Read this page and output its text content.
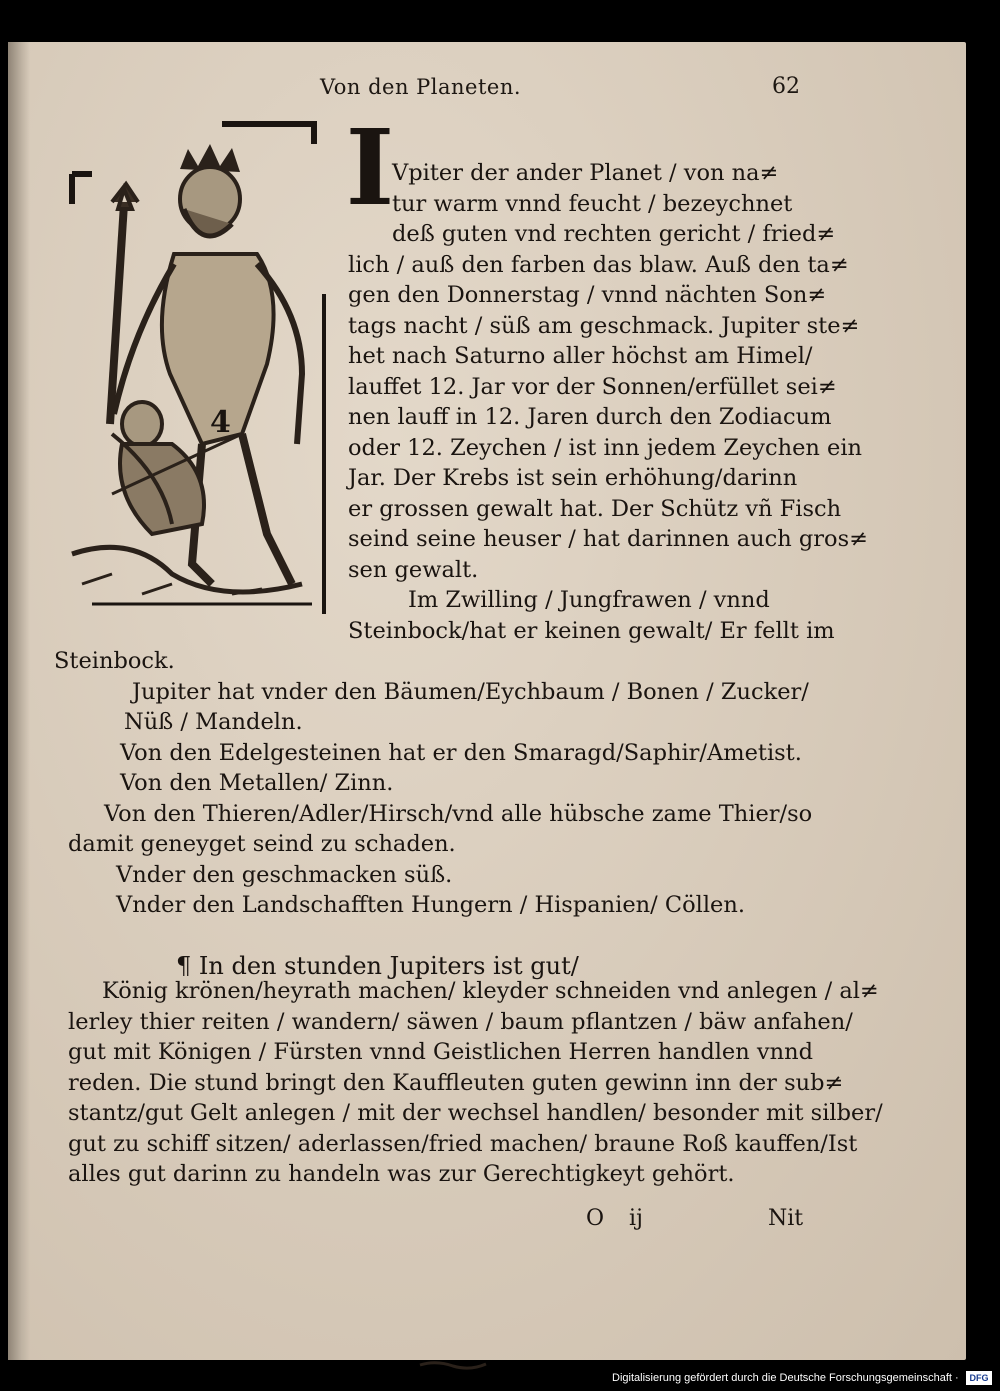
Von den Planeten.	62
4
I
Vpiter der ander Planet / von na≠
tur warm vnnd feucht / bezeychnet
deß guten vnd rechten gericht / fried≠
lich / auß den farben das blaw. Auß den ta≠
gen den Donnerstag / vnnd nächten Son≠
tags nacht / süß am geschmack. Jupiter ste≠
het nach Saturno aller höchst am Himel/
lauffet 12. Jar vor der Sonnen/erfüllet sei≠
nen lauff in 12. Jaren durch den Zodiacum
oder 12. Zeychen / ist inn jedem Zeychen ein
Jar. Der Krebs ist sein erhöhung/darinn
er grossen gewalt hat. Der Schütz vñ Fisch
seind seine heuser / hat darinnen auch gros≠
sen gewalt.
Im Zwilling / Jungfrawen / vnnd
Steinbock/hat er keinen gewalt/ Er fellt im
Steinbock.
Jupiter hat vnder den Bäumen/Eychbaum / Bonen / Zucker/
Nüß / Mandeln.
Von den Edelgesteinen hat er den Smaragd/Saphir/Ametist.
Von den Metallen/ Zinn.
Von den Thieren/Adler/Hirsch/vnd alle hübsche zame Thier/so
damit geneyget seind zu schaden.
Vnder den geschmacken süß.
Vnder den Landschafften Hungern / Hispanien/ Cöllen.
¶ In den stunden Jupiters ist gut/
König krönen/heyrath machen/ kleyder schneiden vnd anlegen / al≠
lerley thier reiten / wandern/ säwen / baum pflantzen / bäw anfahen/
gut mit Königen / Fürsten vnnd Geistlichen Herren handlen vnnd
reden. Die stund bringt den Kauffleuten guten gewinn inn der sub≠
stantz/gut Gelt anlegen / mit der wechsel handlen/ besonder mit silber/
gut zu schiff sitzen/ aderlassen/fried machen/ braune Roß kauffen/Ist
alles gut darinn zu handeln was zur Gerechtigkeyt gehört.
O ij	Nit
Digitalisierung gefördert durch die Deutsche Forschungsgemeinschaft ·	DFG
